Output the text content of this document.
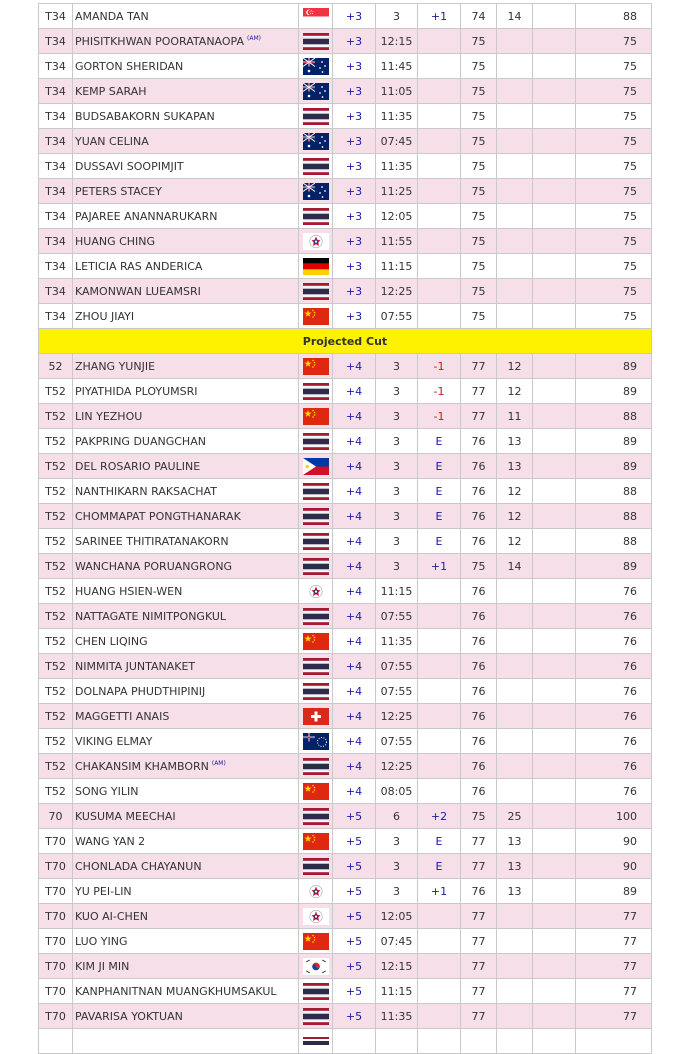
T34	AMANDA TAN		+3	3	+1	74	14		88
T34	PHISITKHWAN POORATANAOPA $^{(AM)}$		+3	12:15		75			75
T34	GORTON SHERIDAN		+3	11:45		75			75
T34	KEMP SARAH		+3	11:05		75			75
T34	BUDSABAKORN SUKAPAN		+3	11:35		75			75
T34	YUAN CELINA		+3	07:45		75			75
T34	DUSSAVI SOOPIMJIT		+3	11:35		75			75
T34	PETERS STACEY		+3	11:25		75			75
T34	PAJAREE ANANNARUKARN		+3	12:05		75			75
T34	HUANG CHING		+3	11:55		75			75
T34	LETICIA RAS ANDERICA		+3	11:15		75			75
T34	KAMONWAN LUEAMSRI		+3	12:25		75			75
T34	ZHOU JIAYI		+3	07:55		75			75
Projected Cut									
52	ZHANG YUNJIE		+4	3	-1	77	12		89
T52	PIYATHIDA PLOYUMSRI		+4	3	-1	77	12		89
T52	LIN YEZHOU		+4	3	-1	77	11		88
T52	PAKPRING DUANGCHAN		+4	3	E	76	13		89
T52	DEL ROSARIO PAULINE		+4	3	E	76	13		89
T52	NANTHIKARN RAKSACHAT		+4	3	E	76	12		88
T52	CHOMMAPAT PONGTHANARAK		+4	3	E	76	12		88
T52	SARINEE THITIRATANAKORN		+4	3	E	76	12		88
T52	WANCHANA PORUANGRONG		+4	3	+1	75	14		89
T52	HUANG HSIEN-WEN		+4	11:15		76			76
T52	NATTAGATE NIMITPONGKUL		+4	07:55		76			76
T52	CHEN LIQING		+4	11:35		76			76
T52	NIMMITA JUNTANAKET		+4	07:55		76			76
T52	DOLNAPA PHUDTHIPINIJ		+4	07:55		76			76
T52	MAGGETTI ANAIS		+4	12:25		76			76
T52	VIKING ELMAY		+4	07:55		76			76
T52	CHAKANSIM KHAMBORN $^{(AM)}$		+4	12:25		76			76
T52	SONG YILIN		+4	08:05		76			76
70	KUSUMA MEECHAI		+5	6	+2	75	25		100
T70	WANG YAN 2		+5	3	E	77	13		90
T70	CHONLADA CHAYANUN		+5	3	E	77	13		90
T70	YU PEI-LIN		+5	3	+1	76	13		89
T70	KUO AI-CHEN		+5	12:05		77			77
T70	LUO YING		+5	07:45		77			77
T70	KIM JI MIN		+5	12:15		77			77
T70	KANPHANITNAN MUANGKHUMSAKUL		+5	11:15		77			77
T70	PAVARISA YOKTUAN		+5	11:35		77			77
